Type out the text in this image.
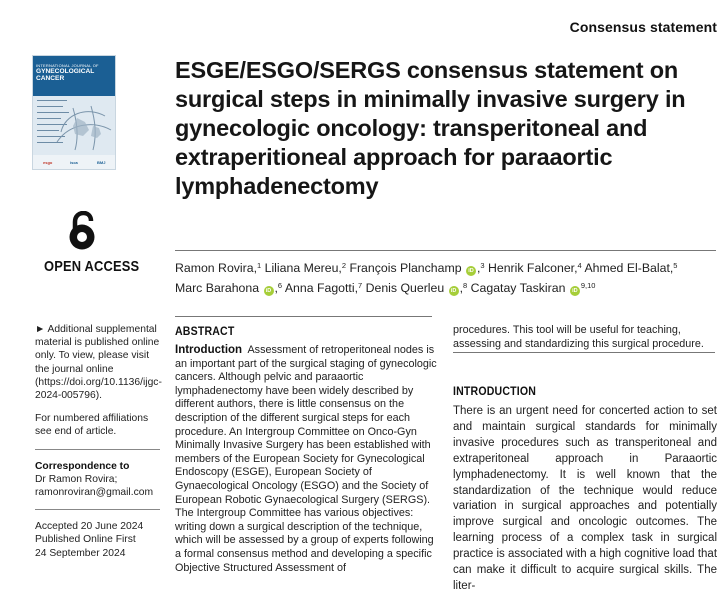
Consensus statement
INTERNATIONAL JOURNAL OF
GYNECOLOGICAL CANCER
esgo	isca	BMJ
OPEN ACCESS
ESGE/ESGO/SERGS consensus statement on surgical steps in minimally invasive surgery in gynecologic oncology: transperitoneal and extraperitioneal approach for paraaortic lymphadenectomy
Ramon Rovira,$^1$ Liliana Mereu,$^2$ François Planchamp iD ,$^3$ Henrik Falconer,$^4$ Ahmed El-Balat,$^5$
Marc Barahona iD ,$^6$ Anna Fagotti,$^7$ Denis Querleu iD ,$^8$ Cagatay Taskiran iD$^{9,10}$
► Additional supplemental material is published online only. To view, please visit the journal online (https://doi.org/10.1136/ijgc-2024-005796).
For numbered affiliations see end of article.
Correspondence to
Dr Ramon Rovira;
ramonroviran@gmail.com
Accepted 20 June 2024
Published Online First
24 September 2024
ABSTRACT
Introduction Assessment of retroperitoneal nodes is an important part of the surgical staging of gynecologic cancers. Although pelvic and paraaortic lymphadenectomy have been widely described by different authors, there is little consensus on the description of the different surgical steps for each procedure. An Intergroup Committee on Onco-Gyn Minimally Invasive Surgery has been established with members of the European Society for Gynecological Endoscopy (ESGE), European Society of Gynaecological Oncology (ESGO) and the Society of European Robotic Gynaecological Surgery (SERGS). The Intergroup Committee has various objectives: writing down a surgical description of the technique, which will be assessed by a group of experts following a formal consensus method and developing a specific Objective Structured Assessment of
procedures. This tool will be useful for teaching, assessing and standardizing this surgical procedure.
INTRODUCTION
There is an urgent need for concerted action to set and maintain surgical standards for minimally invasive procedures such as transperitoneal and extraperitoneal approach in Paraaortic lymphadenectomy. It is well known that the standardization of the technique would reduce variation in surgical approaches and potentially improve surgical and oncologic outcomes. The learning process of a complex task in surgical practice is associated with a high cognitive load that can make it difficult to acquire surgical skills. The liter-
